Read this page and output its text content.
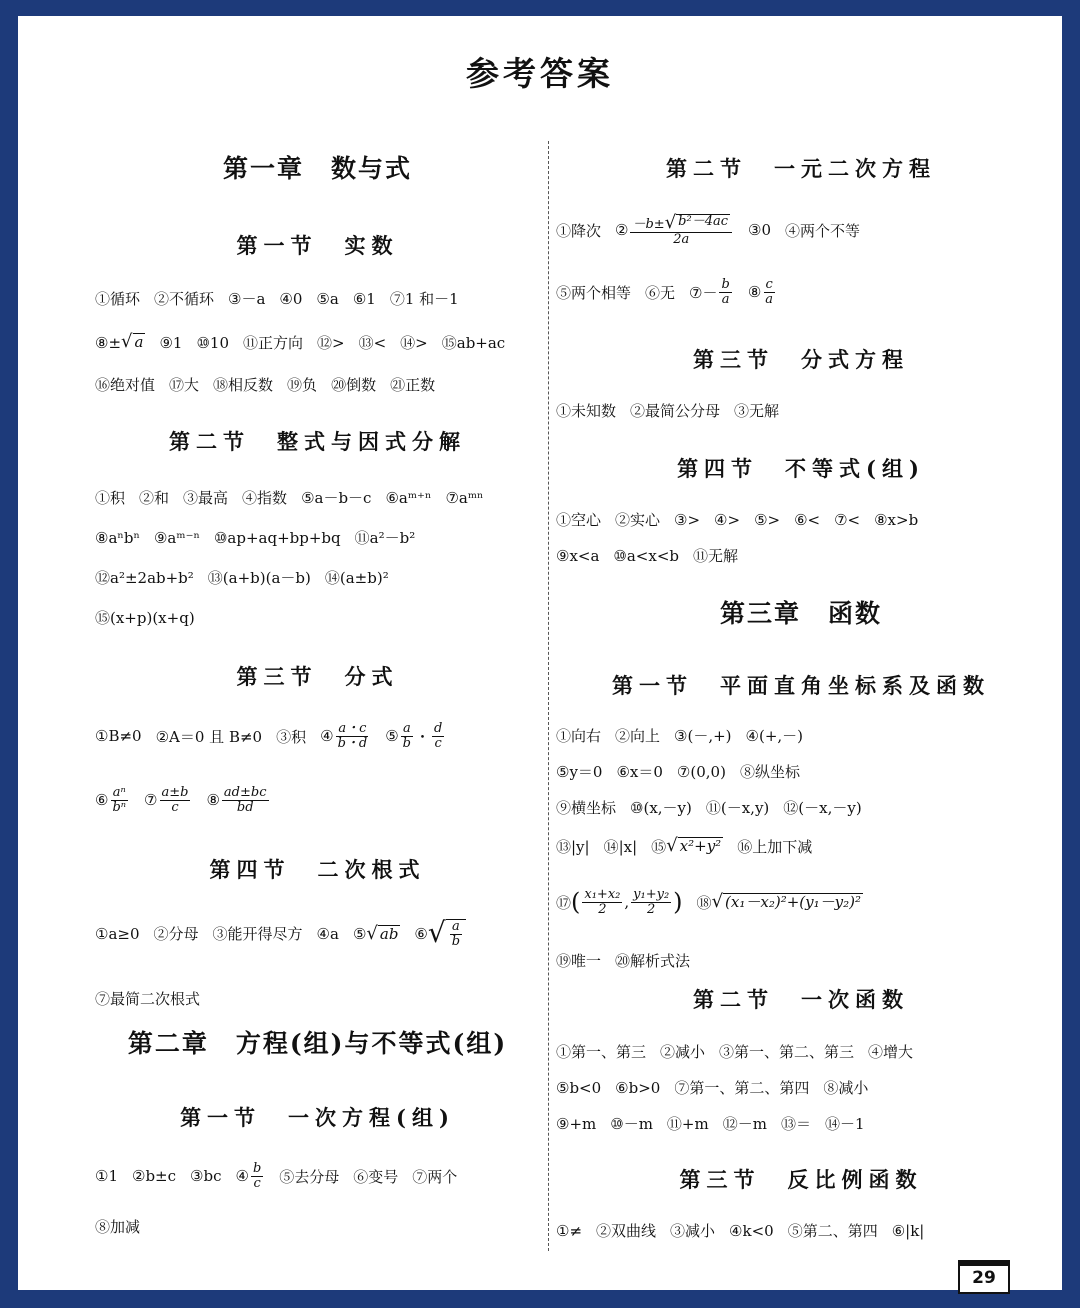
参考答案
第一章　数与式
第一节　实数
①循环 ②不循环 ③－a ④0 ⑤a ⑥1 ⑦1 和－1
⑧± √ a ⑨1 ⑩10 ⑪正方向 ⑫> ⑬< ⑭> ⑮ab+ac
⑯绝对值 ⑰大 ⑱相反数 ⑲负 ⑳倒数 ㉑正数
第二节　整式与因式分解
①积 ②和 ③最高 ④指数 ⑤a－b－c ⑥aᵐ⁺ⁿ ⑦aᵐⁿ
⑧aⁿbⁿ ⑨aᵐ⁻ⁿ ⑩ap+aq+bp+bq ⑪a²－b²
⑫a²±2ab+b² ⑬(a+b)(a－b) ⑭(a±b)²
⑮(x+p)(x+q)
第三节　分式
①B≠0 ②A＝0 且 B≠0 ③积 ④ $\frac{a・c}{b・d}$ ⑤ $\frac{a}{b}$ ・ $\frac{d}{c}$
⑥ $\frac{\text{aⁿ}}{\text{bⁿ}}$ ⑦ $\frac{a\pm b}{c}$ ⑧ $\frac{ad\pm bc}{bd}$
第四节　二次根式
①a≥0 ②分母 ③能开得尽方 ④a ⑤ √ ab ⑥ √ $\frac{a}{b}$
⑦最简二次根式
第二章　方程(组)与不等式(组)
第一节　一次方程(组)
①1 ②b±c ③bc ④ $\frac{b}{c}$ ⑤去分母 ⑥变号 ⑦两个
⑧加减
第二节　一元二次方程
①降次 ② $\frac{\text{－b± √ b²－4ac}}{2a}$ ③0 ④两个不等
⑤两个相等 ⑥无 ⑦－ $\frac{b}{a}$ ⑧ $\frac{c}{a}$
第三节　分式方程
①未知数 ②最简公分母 ③无解
第四节　不等式(组)
①空心 ②实心 ③> ④> ⑤> ⑥< ⑦< ⑧x>b
⑨x<a ⑩a<x<b ⑪无解
第三章　函数
第一节　平面直角坐标系及函数
①向右 ②向上 ③(－,+) ④(+,－)
⑤y＝0 ⑥x＝0 ⑦(0,0) ⑧纵坐标
⑨横坐标 ⑩(x,－y) ⑪(－x,y) ⑫(－x,－y)
⑬|y| ⑭|x| ⑮ √ x²+y² ⑯上加下减
⑰ ( $\frac{\text{x₁+x₂}}{2}$ , $\frac{\text{y₁+y₂}}{2}$ ) ⑱ √ (x₁－x₂)²+(y₁－y₂)²
⑲唯一 ⑳解析式法
第二节　一次函数
①第一、第三 ②减小 ③第一、第二、第三 ④增大
⑤b<0 ⑥b>0 ⑦第一、第二、第四 ⑧减小
⑨+m ⑩－m ⑪+m ⑫－m ⑬＝ ⑭－1
第三节　反比例函数
①≠ ②双曲线 ③减小 ④k<0 ⑤第二、第四 ⑥|k|
29
